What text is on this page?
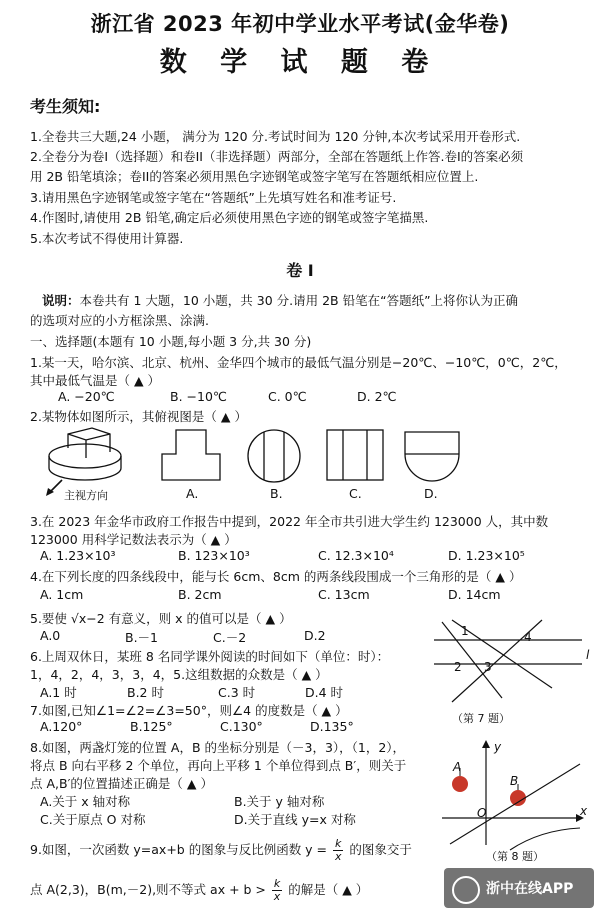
浙江省 2023 年初中学业水平考试(金华卷)
数 学 试 题 卷
考生须知:
1.全卷共三大题,24 小题， 满分为 120 分.考试时间为 120 分钟,本次考试采用开卷形式.
2.全卷分为卷I（选择题）和卷II（非选择题）两部分，全部在答题纸上作答.卷I的答案必须
用 2B 铅笔填涂；卷II的答案必须用黑色字迹钢笔或签字笔写在答题纸相应位置上.
3.请用黑色字迹钢笔或签字笔在“答题纸”上先填写姓名和准考证号.
4.作图时,请使用 2B 铅笔,确定后必须使用黑色字迹的钢笔或签字笔描黑.
5.本次考试不得使用计算器.
卷 Ⅰ
说明：本卷共有 1 大题，10 小题，共 30 分.请用 2B 铅笔在“答题纸”上将你认为正确
的选项对应的小方框涂黑、涂满.
一、选择题(本题有 10 小题,每小题 3 分,共 30 分)
1.某一天，哈尔滨、北京、杭州、金华四个城市的最低气温分别是−20℃、−10℃，0℃，2℃，
其中最低气温是（ ▲ ）
A. −20℃	B. −10℃	C. 0℃	D. 2℃
2.某物体如图所示，其俯视图是（ ▲ ）
主视方向	A.	B.	C.	D.
3.在 2023 年金华市政府工作报告中提到，2022 年全市共引进大学生约 123000 人，其中数
123000 用科学记数法表示为（ ▲ ）
A. 1.23×10³	B. 123×10³	C. 12.3×10⁴	D. 1.23×10⁵
4.在下列长度的四条线段中，能与长 6cm、8cm 的两条线段围成一个三角形的是（ ▲ ）
A. 1cm	B. 2cm	C. 13cm	D. 14cm
5.要使 √x−2 有意义，则 x 的值可以是（ ▲ ）
A.0	B.－1	C.－2	D.2
6.上周双休日，某班 8 名同学课外阅读的时间如下（单位：时）：
1，4，2，4，3，3，4，5.这组数据的众数是（ ▲ ）
A.1 时	B.2 时	C.3 时	D.4 时
7.如图,已知∠1=∠2=∠3=50°，则∠4 的度数是（ ▲ ）
A.120°	B.125°	C.130°	D.135°
1
2 3
4
l
（第 7 题）
8.如图，两盏灯笼的位置 A，B 的坐标分别是（－3，3），（1，2），
将点 B 向右平移 2 个单位，再向上平移 1 个单位得到点 B′，则关于
点 A,B′的位置描述正确是（ ▲ ）
A.关于 x 轴对称	B.关于 y 轴对称
C.关于原点 O 对称	D.关于直线 y=x 对称
y
A
B
O	x
（第 8 题）
9.如图，一次函数 y=ax+b 的图象与反比例函数 $y = \frac{k}{x}$ 的图象交于
点 A(2,3)，B(m,－2),则不等式 ax + $b > \frac{k}{x}$ 的解是（ ▲ ）	浙中在线APP
